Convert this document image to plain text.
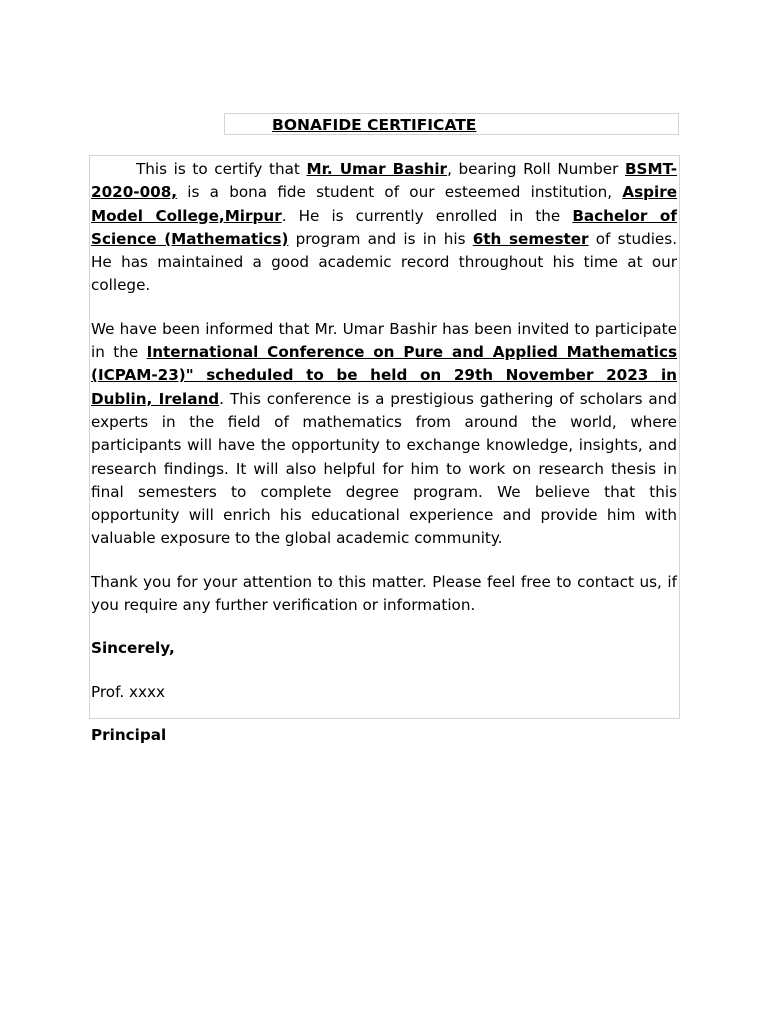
BONAFIDE CERTIFICATE

This is to certify that Mr. Umar Bashir, bearing Roll Number BSMT-2020-008, is a bona fide student of our esteemed institution, Aspire Model College,Mirpur. He is currently enrolled in the Bachelor of Science (Mathematics) program and is in his 6th semester of studies. He has maintained a good academic record throughout his time at our college.

We have been informed that Mr. Umar Bashir has been invited to participate in the International Conference on Pure and Applied Mathematics (ICPAM-23)" scheduled to be held on 29th November 2023 in Dublin, Ireland. This conference is a prestigious gathering of scholars and experts in the field of mathematics from around the world, where participants will have the opportunity to exchange knowledge, insights, and research findings. It will also helpful for him to work on research thesis in final semesters to complete degree program. We believe that this opportunity will enrich his educational experience and provide him with valuable exposure to the global academic community.

Thank you for your attention to this matter. Please feel free to contact us, if you require any further verification or information.

Sincerely,

Prof. xxxx

Principal
